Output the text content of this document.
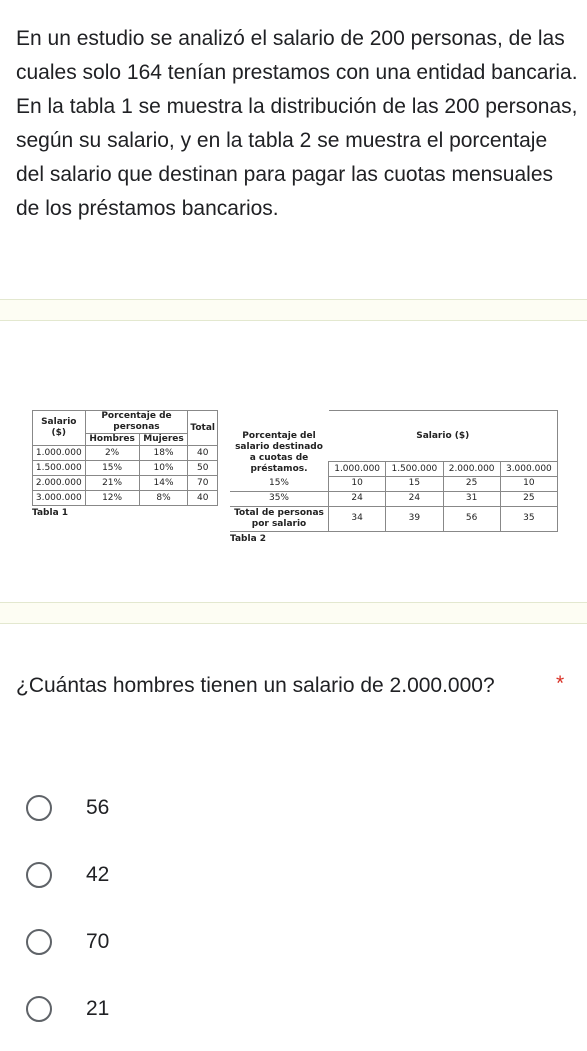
En un estudio se analizó el salario de 200 personas, de las cuales solo 164 tenían prestamos con una entidad bancaria. En la tabla 1 se muestra la distribución de las 200 personas, según su salario, y en la tabla 2 se muestra el porcentaje del salario que destinan para pagar las cuotas mensuales de los préstamos bancarios.

Salario ($)	Porcentaje de personas		Total
	Hombres	Mujeres	
1.000.000	2%	18%	40
1.500.000	15%	10%	50
2.000.000	21%	14%	70
3.000.000	12%	8%	40
Tabla 1
Porcentaje del salario destinado a cuotas de préstamos.	Salario ($)			
	1.000.000	1.500.000	2.000.000	3.000.000
15%	10	15	25	10
35%	24	24	31	25
Total de personas por salario	34	39	56	35
Tabla 2

¿Cuántas hombres tienen un salario de 2.000.000?	*
56
42
70
21
